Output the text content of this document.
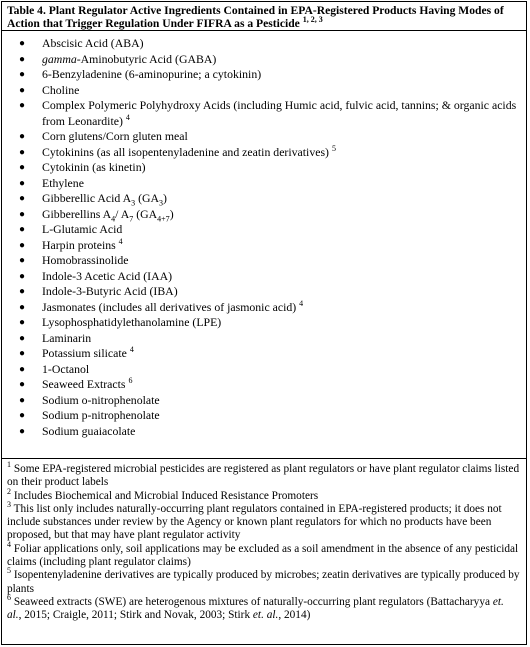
Table 4. Plant Regulator Active Ingredients Contained in EPA-Registered Products Having Modes of Action that Trigger Regulation Under FIFRA as a Pesticide $^{1, 2, 3}$
● Abscisic Acid (ABA)
● gamma-Aminobutyric Acid (GABA)
● 6-Benzyladenine (6-aminopurine; a cytokinin)
● Choline
● Complex Polymeric Polyhydroxy Acids (including Humic acid, fulvic acid, tannins; & organic acids from Leonardite) $^4$
● Corn glutens/Corn gluten meal
● Cytokinins (as all isopentenyladenine and zeatin derivatives) $^5$
● Cytokinin (as kinetin)
● Ethylene
● Gibberellic Acid $A_3$ $(GA_3)$
● Gibberellins $A_4/$ $A_7$ $(GA_{4+7})$
● L-Glutamic Acid
● Harpin proteins $^4$
● Homobrassinolide
● Indole-3 Acetic Acid (IAA)
● Indole-3-Butyric Acid (IBA)
● Jasmonates (includes all derivatives of jasmonic acid) $^4$
● Lysophosphatidylethanolamine (LPE)
● Laminarin
● Potassium silicate $^4$
● 1-Octanol
● Seaweed Extracts $^6$
● Sodium o-nitrophenolate
● Sodium p-nitrophenolate
● Sodium guaiacolate
$^1$ Some EPA-registered microbial pesticides are registered as plant regulators or have plant regulator claims listed on their product labels
$^2$ Includes Biochemical and Microbial Induced Resistance Promoters
$^3$ This list only includes naturally-occurring plant regulators contained in EPA-registered products; it does not include substances under review by the Agency or known plant regulators for which no products have been proposed, but that may have plant regulator activity
$^4$ Foliar applications only, soil applications may be excluded as a soil amendment in the absence of any pesticidal claims (including plant regulator claims)
$^5$ Isopentenyladenine derivatives are typically produced by microbes; zeatin derivatives are typically produced by plants
$^6$ Seaweed extracts (SWE) are heterogenous mixtures of naturally-occurring plant regulators (Battacharyya et. al., 2015; Craigle, 2011; Stirk and Novak, 2003; Stirk et. al., 2014)
